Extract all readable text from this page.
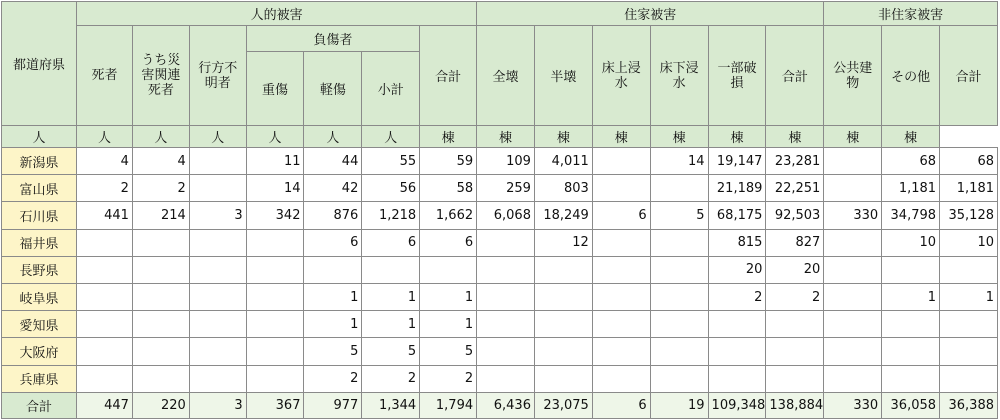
都道府県	人的被害							住家被害						非住家被害		
	死者	うち災害関連死者	行方不明者	負傷者			合計	全壊	半壊	床上浸水	床下浸水	一部破損	合計	公共建物	その他	合計
				重傷	軽傷	小計										
人	人	人	人	人	人	人	棟	棟	棟	棟	棟	棟	棟	棟	棟	
新潟県	4	4		11	44	55	59	109	4,011		14	19,147	23,281		68	68
富山県	2	2		14	42	56	58	259	803			21,189	22,251		1,181	1,181
石川県	441	214	3	342	876	1,218	1,662	6,068	18,249	6	5	68,175	92,503	330	34,798	35,128
福井県					6	6	6		12			815	827		10	10
長野県												20	20			
岐阜県					1	1	1					2	2		1	1
愛知県					1	1	1									
大阪府					5	5	5									
兵庫県					2	2	2									
合計	447	220	3	367	977	1,344	1,794	6,436	23,075	6	19	109,348	138,884	330	36,058	36,388
